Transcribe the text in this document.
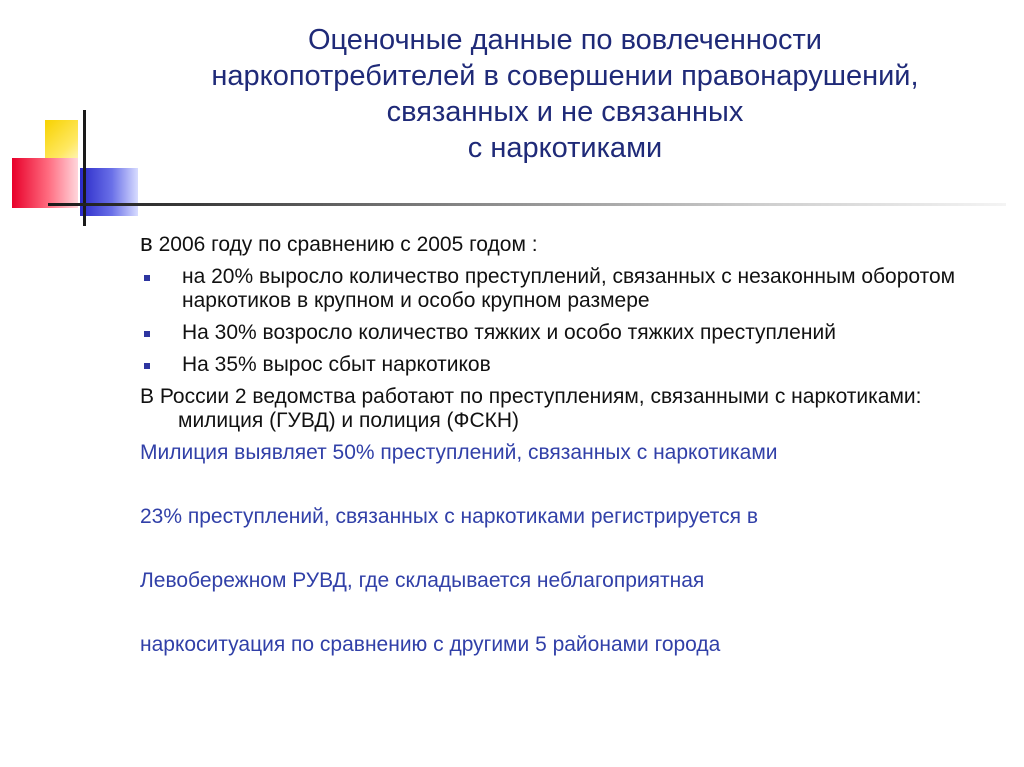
Оценочные данные по вовлеченности
наркопотребителей в совершении правонарушений,
связанных и не связанных
с наркотиками

в 2006 году по сравнению с 2005 годом :

на 20% выросло количество преступлений, связанных с незаконным оборотом наркотиков в крупном и особо крупном размере
На 30% возросло количество тяжких и особо тяжких преступлений
На 35% вырос сбыт наркотиков

В России 2 ведомства работают по преступлениям, связанными с наркотиками: милиция (ГУВД) и полиция (ФСКН)

Милиция выявляет 50% преступлений, связанных с наркотиками

23% преступлений, связанных с наркотиками регистрируется в

Левобережном РУВД, где складывается неблагоприятная

наркоситуация по сравнению с другими 5 районами города
